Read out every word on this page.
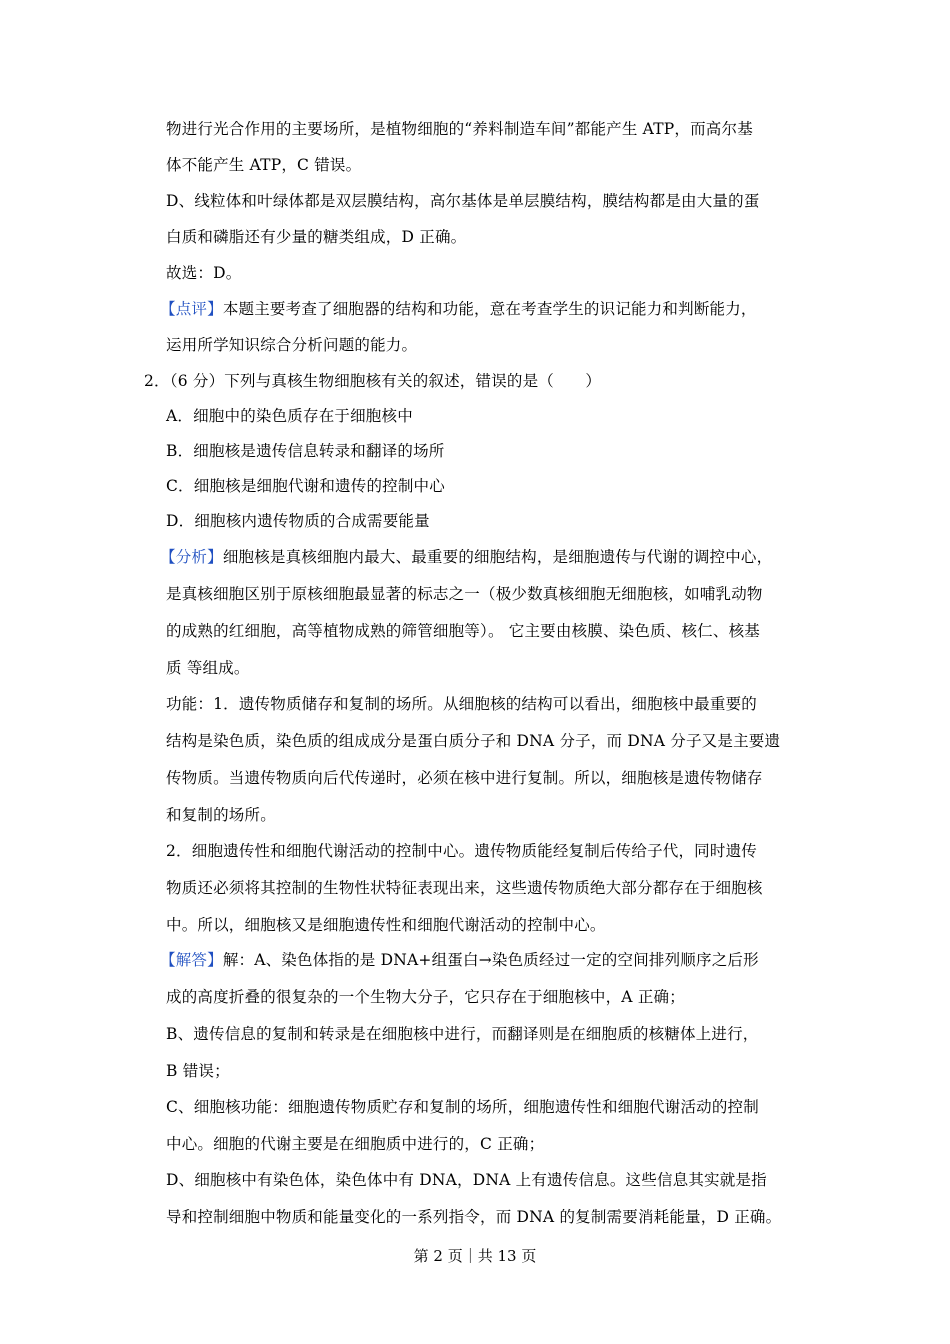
物进行光合作用的主要场所，是植物细胞的“养料制造车间”都能产生 ATP，而高尔基
体不能产生 ATP，C 错误。
D、线粒体和叶绿体都是双层膜结构，高尔基体是单层膜结构，膜结构都是由大量的蛋
白质和磷脂还有少量的糖类组成，D 正确。
故选：D。
【点评】本题主要考查了细胞器的结构和功能，意在考查学生的识记能力和判断能力，
运用所学知识综合分析问题的能力。
2．（6 分）下列与真核生物细胞核有关的叙述，错误的是（　　）
A．细胞中的染色质存在于细胞核中
B．细胞核是遗传信息转录和翻译的场所
C．细胞核是细胞代谢和遗传的控制中心
D．细胞核内遗传物质的合成需要能量
【分析】细胞核是真核细胞内最大、最重要的细胞结构，是细胞遗传与代谢的调控中心，
是真核细胞区别于原核细胞最显著的标志之一（极少数真核细胞无细胞核，如哺乳动物
的成熟的红细胞，高等植物成熟的筛管细胞等）。 它主要由核膜、染色质、核仁、核基
质 等组成。
功能：1．遗传物质储存和复制的场所。从细胞核的结构可以看出，细胞核中最重要的
结构是染色质，染色质的组成成分是蛋白质分子和 DNA 分子，而 DNA 分子又是主要遗
传物质。当遗传物质向后代传递时，必须在核中进行复制。所以，细胞核是遗传物储存
和复制的场所。
2．细胞遗传性和细胞代谢活动的控制中心。遗传物质能经复制后传给子代，同时遗传
物质还必须将其控制的生物性状特征表现出来，这些遗传物质绝大部分都存在于细胞核
中。所以，细胞核又是细胞遗传性和细胞代谢活动的控制中心。
【解答】解：A、染色体指的是 DNA+组蛋白→染色质经过一定的空间排列顺序之后形
成的高度折叠的很复杂的一个生物大分子，它只存在于细胞核中，A 正确；
B、遗传信息的复制和转录是在细胞核中进行，而翻译则是在细胞质的核糖体上进行，
B 错误；
C、细胞核功能：细胞遗传物质贮存和复制的场所，细胞遗传性和细胞代谢活动的控制
中心。细胞的代谢主要是在细胞质中进行的，C 正确；
D、细胞核中有染色体，染色体中有 DNA，DNA 上有遗传信息。这些信息其实就是指
导和控制细胞中物质和能量变化的一系列指令，而 DNA 的复制需要消耗能量，D 正确。
第 2 页｜共 13 页
